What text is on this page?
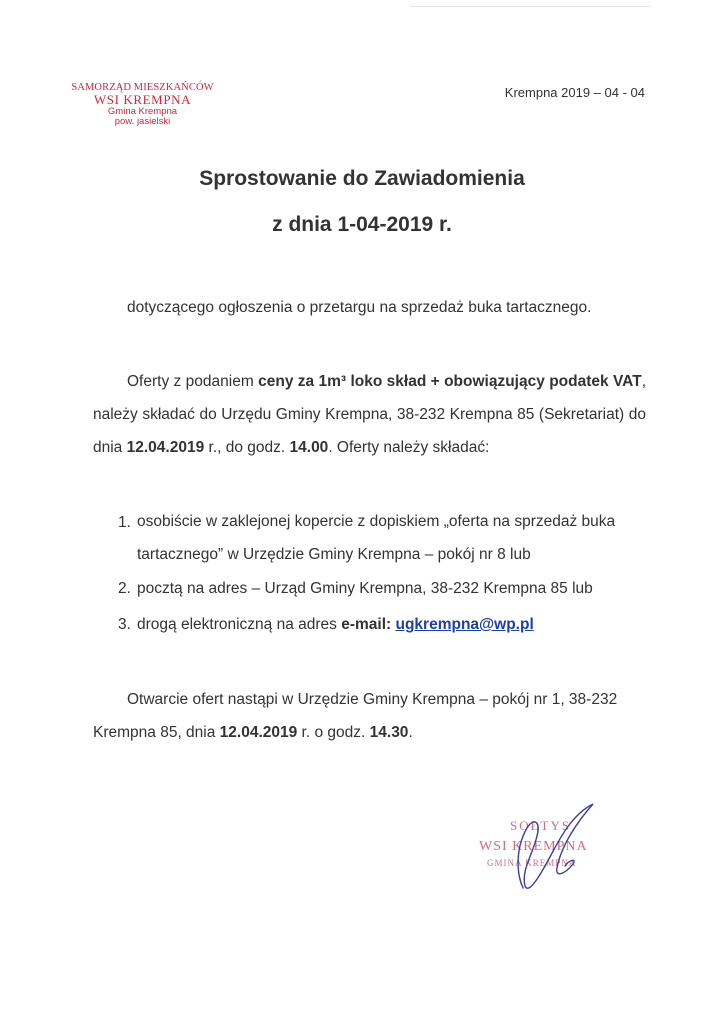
SAMORZĄD MIESZKAŃCÓW
WSI KREMPNA
Gmina Krempna
pow. jasielski
Krempna 2019 – 04 - 04
Sprostowanie do Zawiadomienia
z dnia 1-04-2019 r.
dotyczącego ogłoszenia o przetargu na sprzedaż buka tartacznego.
Oferty z podaniem ceny za 1m³ loko skład + obowiązujący podatek VAT, należy składać do Urzędu Gminy Krempna, 38-232 Krempna 85 (Sekretariat) do dnia 12.04.2019 r., do godz. 14.00. Oferty należy składać:
1. osobiście w zaklejonej kopercie z dopiskiem „oferta na sprzedaż buka tartacznego” w Urzędzie Gminy Krempna – pokój nr 8 lub
2. pocztą na adres – Urząd Gminy Krempna, 38-232 Krempna 85 lub
3. drogą elektroniczną na adres e-mail: ugkrempna@wp.pl
Otwarcie ofert nastąpi w Urzędzie Gminy Krempna – pokój nr 1, 38-232 Krempna 85, dnia 12.04.2019 r. o godz. 14.30.
SOŁTYS
WSI KREMPNA
GMINA KREMPNA
